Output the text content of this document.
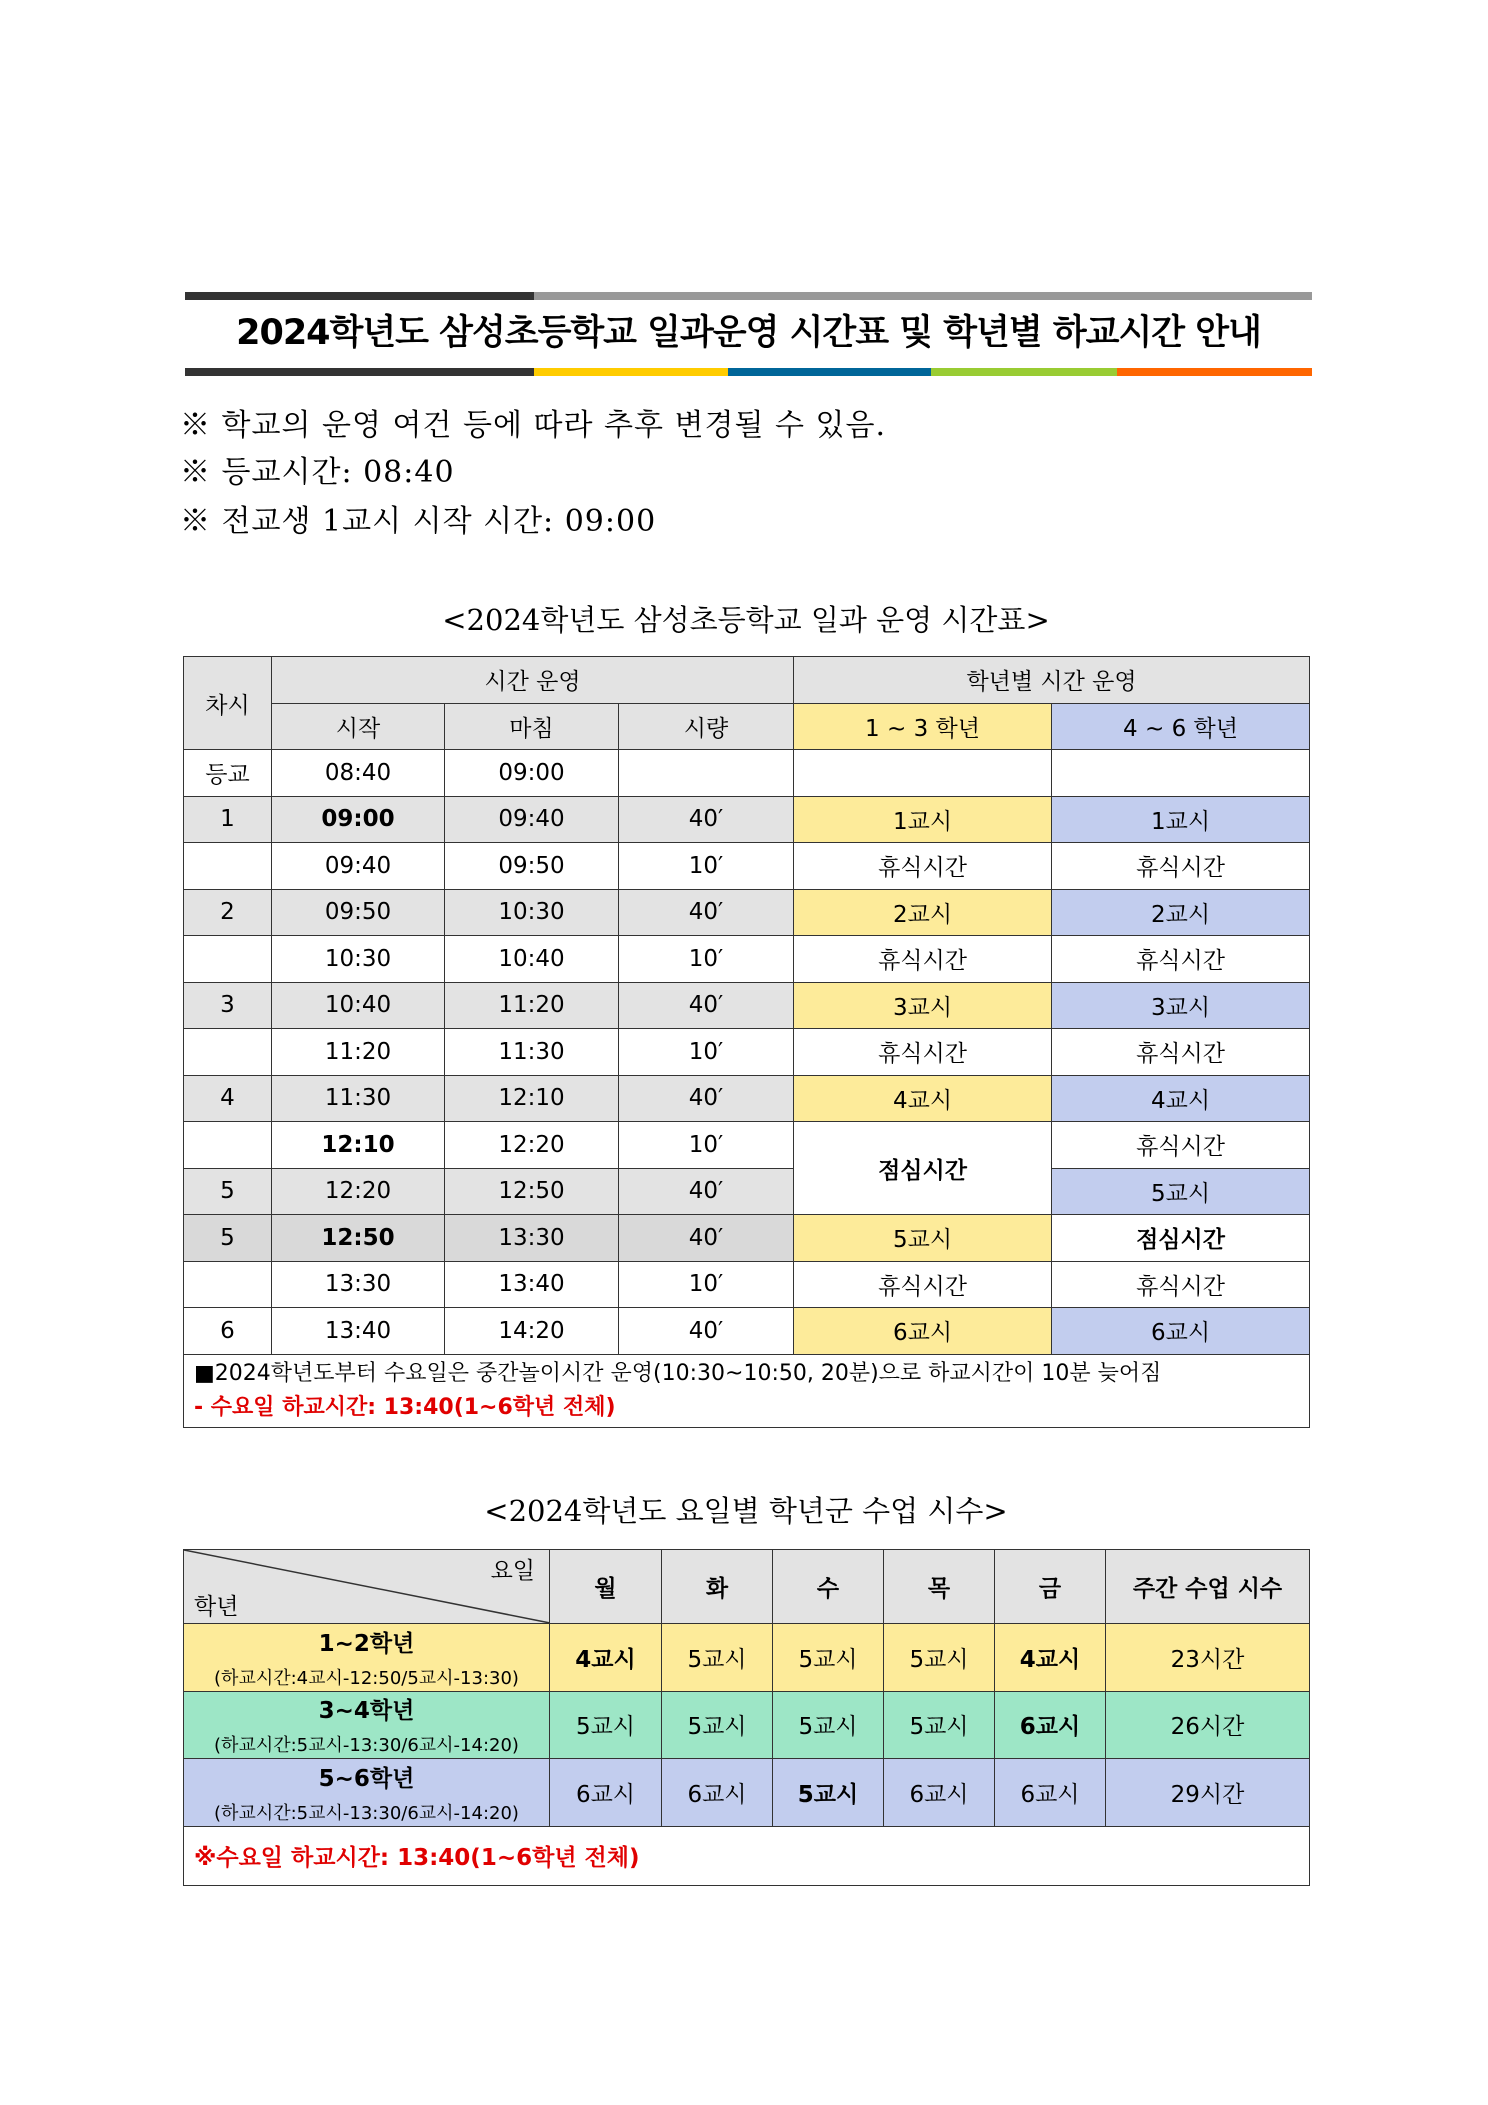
2024학년도 삼성초등학교 일과운영 시간표 및 학년별 하교시간 안내
※ 학교의 운영 여건 등에 따라 추후 변경될 수 있음.
※ 등교시간: 08:40
※ 전교생 1교시 시작 시간: 09:00
<2024학년도 삼성초등학교 일과 운영 시간표>
차시	시간 운영			학년별 시간 운영	
	시작	마침	시량	1 ~ 3 학년	4 ~ 6 학년
등교	08:40	09:00			
1	09:00	09:40	40′	1교시	1교시
	09:40	09:50	10′	휴식시간	휴식시간
2	09:50	10:30	40′	2교시	2교시
	10:30	10:40	10′	휴식시간	휴식시간
3	10:40	11:20	40′	3교시	3교시
	11:20	11:30	10′	휴식시간	휴식시간
4	11:30	12:10	40′	4교시	4교시
	12:10	12:20	10′	점심시간	휴식시간
5	12:20	12:50	40′		5교시
5	12:50	13:30	40′	5교시	점심시간
	13:30	13:40	10′	휴식시간	휴식시간
6	13:40	14:20	40′	6교시	6교시

■2024학년도부터 수요일은 중간놀이시간 운영(10:30~10:50, 20분)으로 하교시간이 10분 늦어짐
- 수요일 하교시간: 13:40(1~6학년 전체)					
<2024학년도 요일별 학년군 수업 시수>
요일
학년	월	화	수	목	금	주간 수업 시수

1~2학년
(하교시간:4교시-12:50/5교시-13:30)	4교시	5교시	5교시	5교시	4교시	23시간

3~4학년
(하교시간:5교시-13:30/6교시-14:20)	5교시	5교시	5교시	5교시	6교시	26시간

5~6학년
(하교시간:5교시-13:30/6교시-14:20)	6교시	6교시	5교시	6교시	6교시	29시간
※수요일 하교시간: 13:40(1~6학년 전체)						
